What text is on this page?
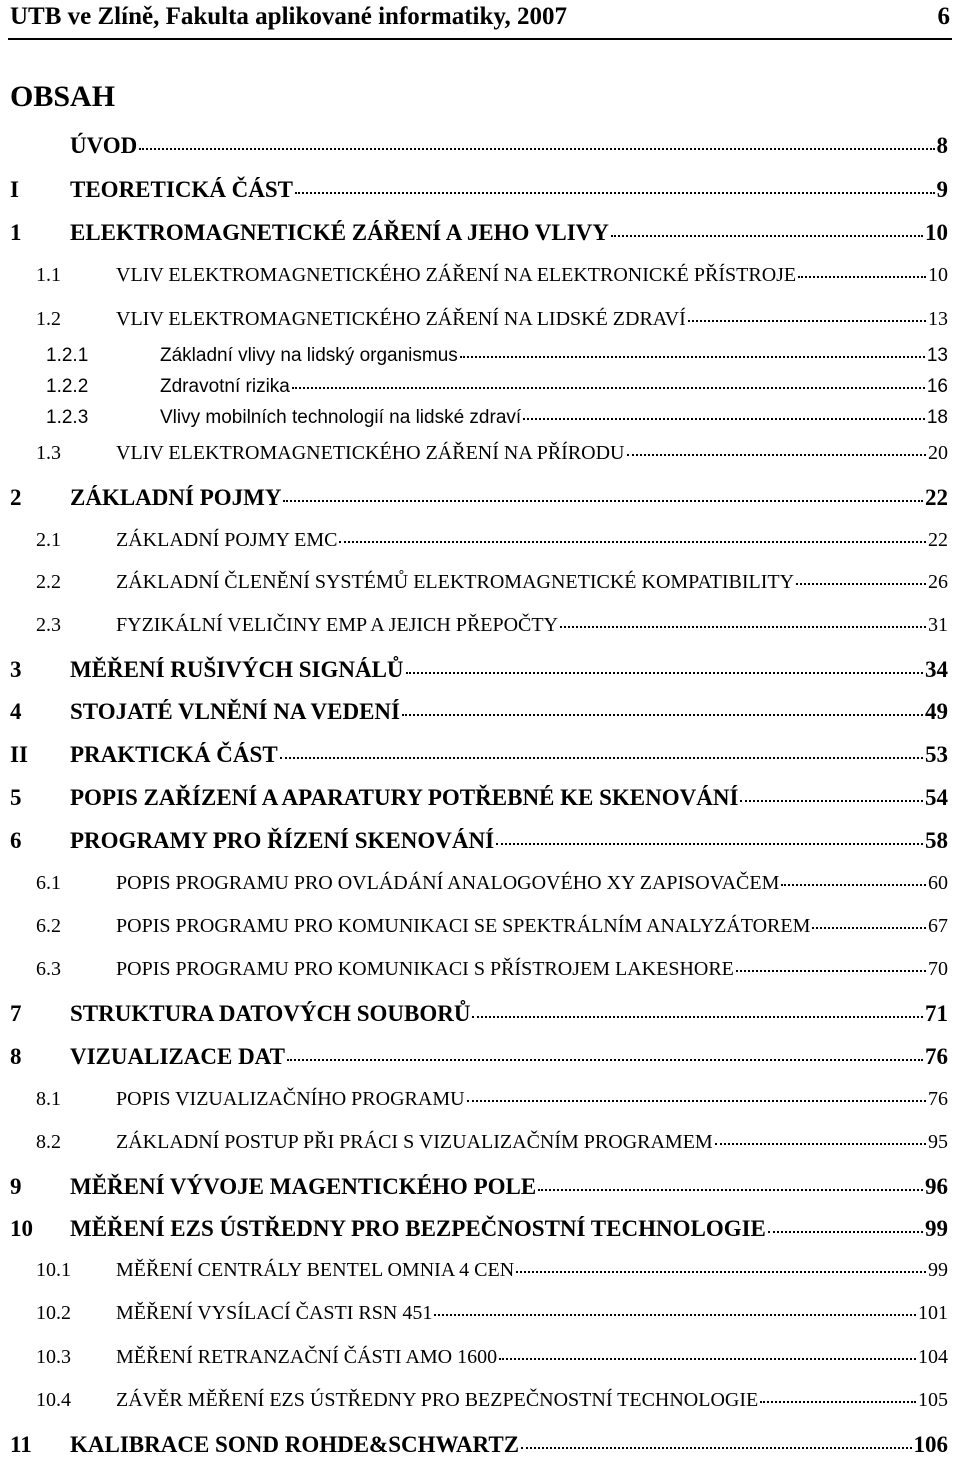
UTB ve Zlíně, Fakulta aplikované informatiky, 2007	6
OBSAH
ÚVOD	8
I	TEORETICKÁ ČÁST	9
1	ELEKTROMAGNETICKÉ ZÁŘENÍ A JEHO VLIVY	10
1.1	VLIV ELEKTROMAGNETICKÉHO ZÁŘENÍ NA ELEKTRONICKÉ PŘÍSTROJE	10
1.2	VLIV ELEKTROMAGNETICKÉHO ZÁŘENÍ NA LIDSKÉ ZDRAVÍ	13
1.2.1	Základní vlivy na lidský organismus	13
1.2.2	Zdravotní rizika	16
1.2.3	Vlivy mobilních technologií na lidské zdraví	18
1.3	VLIV ELEKTROMAGNETICKÉHO ZÁŘENÍ NA PŘÍRODU	20
2	ZÁKLADNÍ POJMY	22
2.1	ZÁKLADNÍ POJMY EMC	22
2.2	ZÁKLADNÍ ČLENĚNÍ SYSTÉMŮ ELEKTROMAGNETICKÉ KOMPATIBILITY	26
2.3	FYZIKÁLNÍ VELIČINY EMP A JEJICH PŘEPOČTY	31
3	MĚŘENÍ RUŠIVÝCH SIGNÁLŮ	34
4	STOJATÉ VLNĚNÍ NA VEDENÍ	49
II	PRAKTICKÁ ČÁST	53
5	POPIS ZAŘÍZENÍ A APARATURY POTŘEBNÉ KE SKENOVÁNÍ	54
6	PROGRAMY PRO ŘÍZENÍ SKENOVÁNÍ	58
6.1	POPIS PROGRAMU PRO OVLÁDÁNÍ ANALOGOVÉHO XY ZAPISOVAČEM	60
6.2	POPIS PROGRAMU PRO KOMUNIKACI SE SPEKTRÁLNÍM ANALYZÁTOREM	67
6.3	POPIS PROGRAMU PRO KOMUNIKACI S PŘÍSTROJEM LAKESHORE	70
7	STRUKTURA DATOVÝCH SOUBORŮ	71
8	VIZUALIZACE DAT	76
8.1	POPIS VIZUALIZAČNÍHO PROGRAMU	76
8.2	ZÁKLADNÍ POSTUP PŘI PRÁCI S VIZUALIZAČNÍM PROGRAMEM	95
9	MĚŘENÍ VÝVOJE MAGENTICKÉHO POLE	96
10	MĚŘENÍ EZS ÚSTŘEDNY PRO BEZPEČNOSTNÍ TECHNOLOGIE	99
10.1	MĚŘENÍ CENTRÁLY BENTEL OMNIA 4 CEN	99
10.2	MĚŘENÍ VYSÍLACÍ ČASTI RSN 451	101
10.3	MĚŘENÍ RETRANZAČNÍ ČÁSTI AMO 1600	104
10.4	ZÁVĚR MĚŘENÍ EZS ÚSTŘEDNY PRO BEZPEČNOSTNÍ TECHNOLOGIE	105
11	KALIBRACE SOND ROHDE&SCHWARTZ	106
